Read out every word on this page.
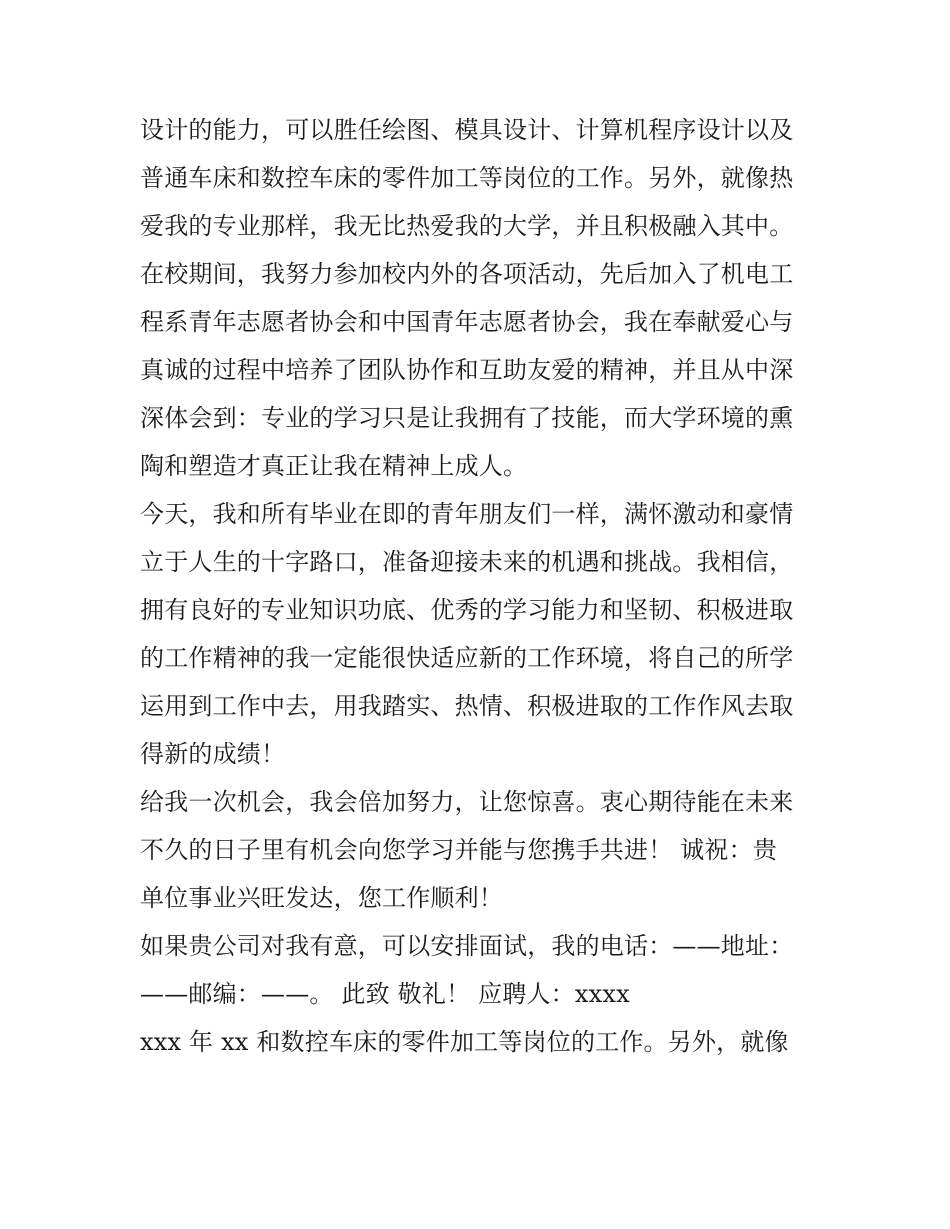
设计的能力，可以胜任绘图、模具设计、计算机程序设计以及
普通车床和数控车床的零件加工等岗位的工作。另外，就像热
爱我的专业那样，我无比热爱我的大学，并且积极融入其中。
在校期间，我努力参加校内外的各项活动，先后加入了机电工
程系青年志愿者协会和中国青年志愿者协会，我在奉献爱心与
真诚的过程中培养了团队协作和互助友爱的精神，并且从中深
深体会到：专业的学习只是让我拥有了技能，而大学环境的熏
陶和塑造才真正让我在精神上成人。
今天，我和所有毕业在即的青年朋友们一样，满怀激动和豪情
立于人生的十字路口，准备迎接未来的机遇和挑战。我相信，
拥有良好的专业知识功底、优秀的学习能力和坚韧、积极进取
的工作精神的我一定能很快适应新的工作环境，将自己的所学
运用到工作中去，用我踏实、热情、积极进取的工作作风去取
得新的成绩！
给我一次机会，我会倍加努力，让您惊喜。衷心期待能在未来
不久的日子里有机会向您学习并能与您携手共进！ 诚祝：贵
单位事业兴旺发达，您工作顺利！
如果贵公司对我有意，可以安排面试，我的电话：——地址：
——邮编：——。 此致 敬礼！ 应聘人：xxxx
xxx 年 xx 和数控车床的零件加工等岗位的工作。另外，就像
